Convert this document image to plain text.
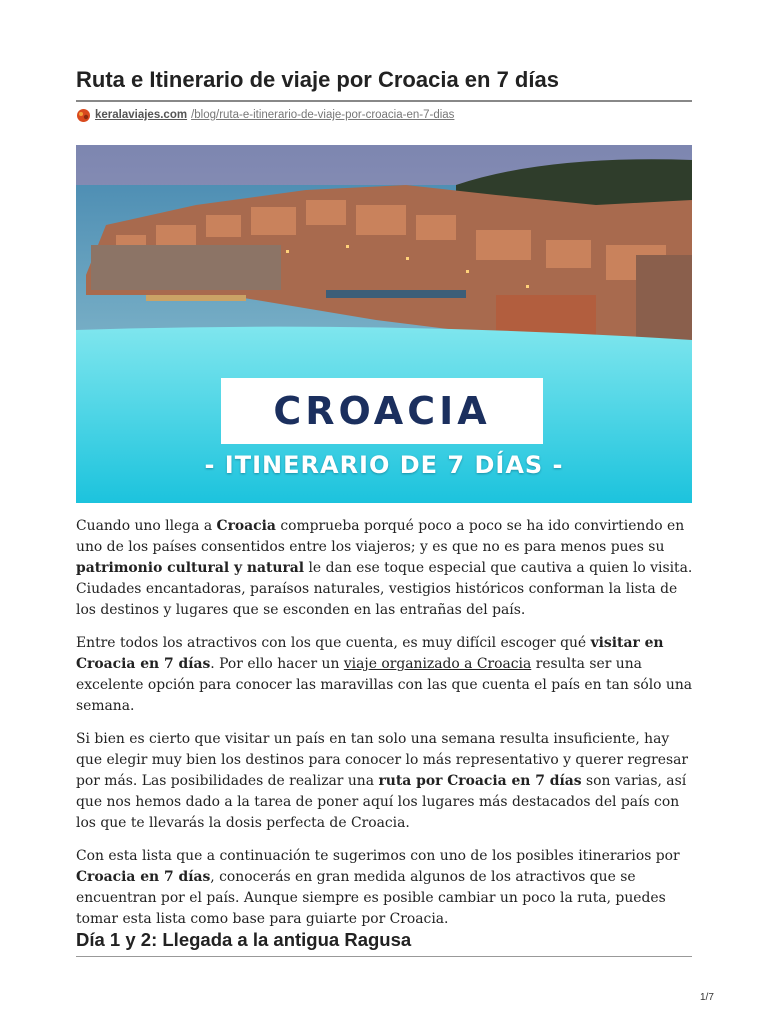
Ruta e Itinerario de viaje por Croacia en 7 días
keralaviajes.com /blog/ruta-e-itinerario-de-viaje-por-croacia-en-7-dias
CROACIA
- ITINERARIO DE 7 DÍAS -

Cuando uno llega a Croacia comprueba porqué poco a poco se ha ido convirtiendo en uno de los países consentidos entre los viajeros; y es que no es para menos pues su patrimonio cultural y natural le dan ese toque especial que cautiva a quien lo visita. Ciudades encantadoras, paraísos naturales, vestigios históricos conforman la lista de los destinos y lugares que se esconden en las entrañas del país.

Entre todos los atractivos con los que cuenta, es muy difícil escoger qué visitar en Croacia en 7 días. Por ello hacer un viaje organizado a Croacia resulta ser una excelente opción para conocer las maravillas con las que cuenta el país en tan sólo una semana.

Si bien es cierto que visitar un país en tan solo una semana resulta insuficiente, hay que elegir muy bien los destinos para conocer lo más representativo y querer regresar por más. Las posibilidades de realizar una ruta por Croacia en 7 días son varias, así que nos hemos dado a la tarea de poner aquí los lugares más destacados del país con los que te llevarás la dosis perfecta de Croacia.

Con esta lista que a continuación te sugerimos con uno de los posibles itinerarios por Croacia en 7 días, conocerás en gran medida algunos de los atractivos que se encuentran por el país. Aunque siempre es posible cambiar un poco la ruta, puedes tomar esta lista como base para guiarte por Croacia.

Día 1 y 2: Llegada a la antigua Ragusa
1/7
